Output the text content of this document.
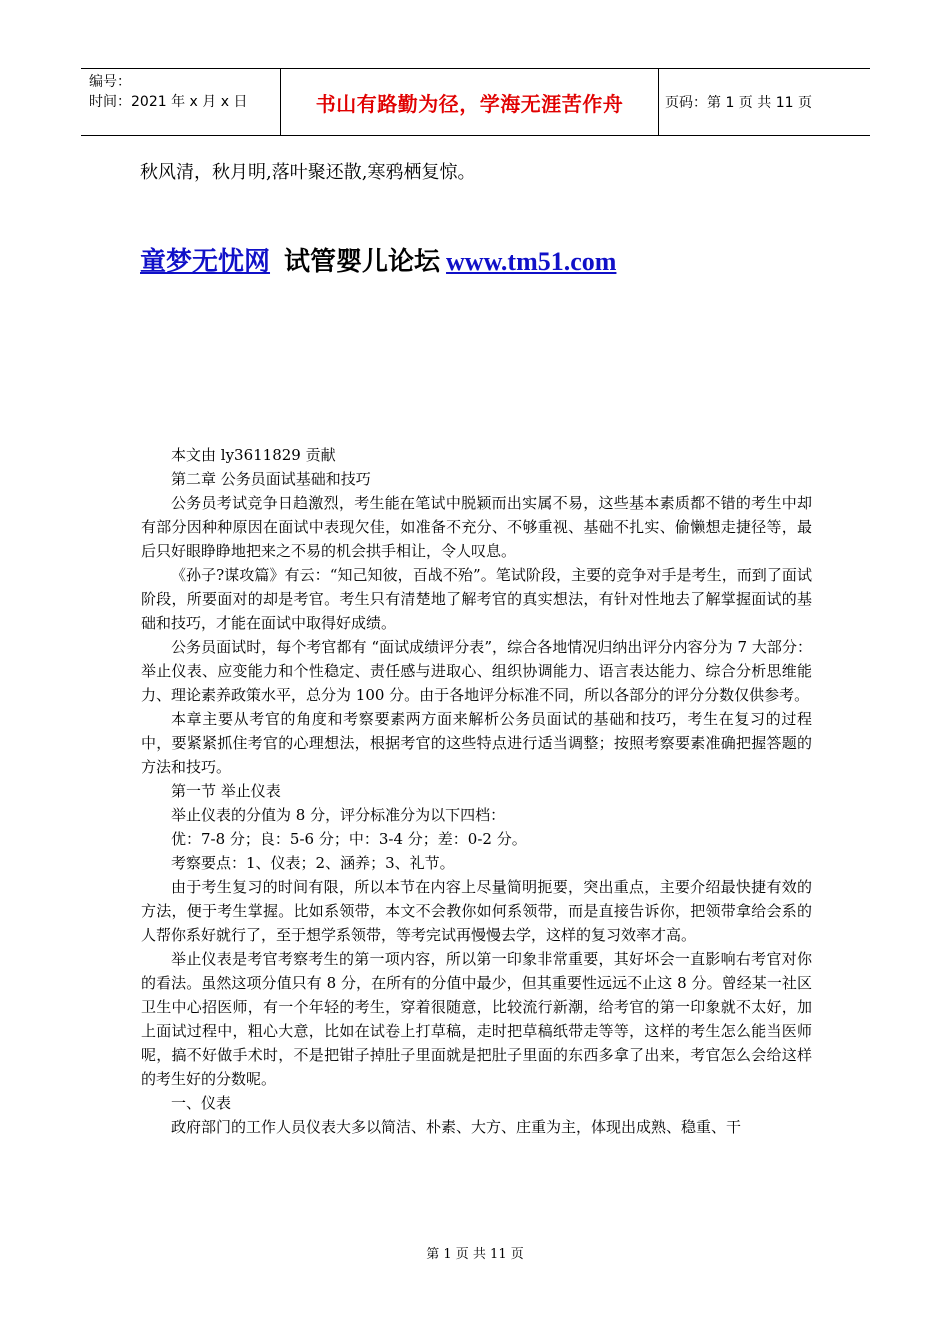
编号：
时间：2021 年 x 月 x 日	书山有路勤为径，学海无涯苦作舟	页码：第 1 页 共 11 页
秋风清，秋月明,落叶聚还散,寒鸦栖复惊。
童梦无忧网 试管婴儿论坛 www.tm51.com

本文由 ly3611829 贡献

第二章 公务员面试基础和技巧

公务员考试竞争日趋激烈，考生能在笔试中脱颖而出实属不易，这些基本素质都不错的考生中却有部分因种种原因在面试中表现欠佳，如准备不充分、不够重视、基础不扎实、偷懒想走捷径等，最后只好眼睁睁地把来之不易的机会拱手相让，令人叹息。

《孙子?谋攻篇》有云：“知己知彼，百战不殆”。笔试阶段，主要的竞争对手是考生，而到了面试阶段，所要面对的却是考官。考生只有清楚地了解考官的真实想法，有针对性地去了解掌握面试的基础和技巧，才能在面试中取得好成绩。

公务员面试时，每个考官都有 “面试成绩评分表”，综合各地情况归纳出评分内容分为 7 大部分：举止仪表、应变能力和个性稳定、责任感与进取心、组织协调能力、语言表达能力、综合分析思维能力、理论素养政策水平，总分为 100 分。由于各地评分标准不同，所以各部分的评分分数仅供参考。

本章主要从考官的角度和考察要素两方面来解析公务员面试的基础和技巧，考生在复习的过程中，要紧紧抓住考官的心理想法，根据考官的这些特点进行适当调整；按照考察要素准确把握答题的方法和技巧。

第一节 举止仪表

举止仪表的分值为 8 分，评分标准分为以下四档：

优：7-8 分；良：5-6 分；中：3-4 分；差：0-2 分。

考察要点：1、仪表；2、涵养；3、礼节。

由于考生复习的时间有限，所以本节在内容上尽量简明扼要，突出重点，主要介绍最快捷有效的方法，便于考生掌握。比如系领带，本文不会教你如何系领带，而是直接告诉你，把领带拿给会系的人帮你系好就行了，至于想学系领带，等考完试再慢慢去学，这样的复习效率才高。

举止仪表是考官考察考生的第一项内容，所以第一印象非常重要，其好坏会一直影响右考官对你的看法。虽然这项分值只有 8 分，在所有的分值中最少，但其重要性远远不止这 8 分。曾经某一社区卫生中心招医师，有一个年轻的考生，穿着很随意，比较流行新潮，给考官的第一印象就不太好，加上面试过程中，粗心大意，比如在试卷上打草稿，走时把草稿纸带走等等，这样的考生怎么能当医师呢，搞不好做手术时，不是把钳子掉肚子里面就是把肚子里面的东西多拿了出来，考官怎么会给这样的考生好的分数呢。

一、仪表

政府部门的工作人员仪表大多以简洁、朴素、大方、庄重为主，体现出成熟、稳重、干

第 1 页 共 11 页
